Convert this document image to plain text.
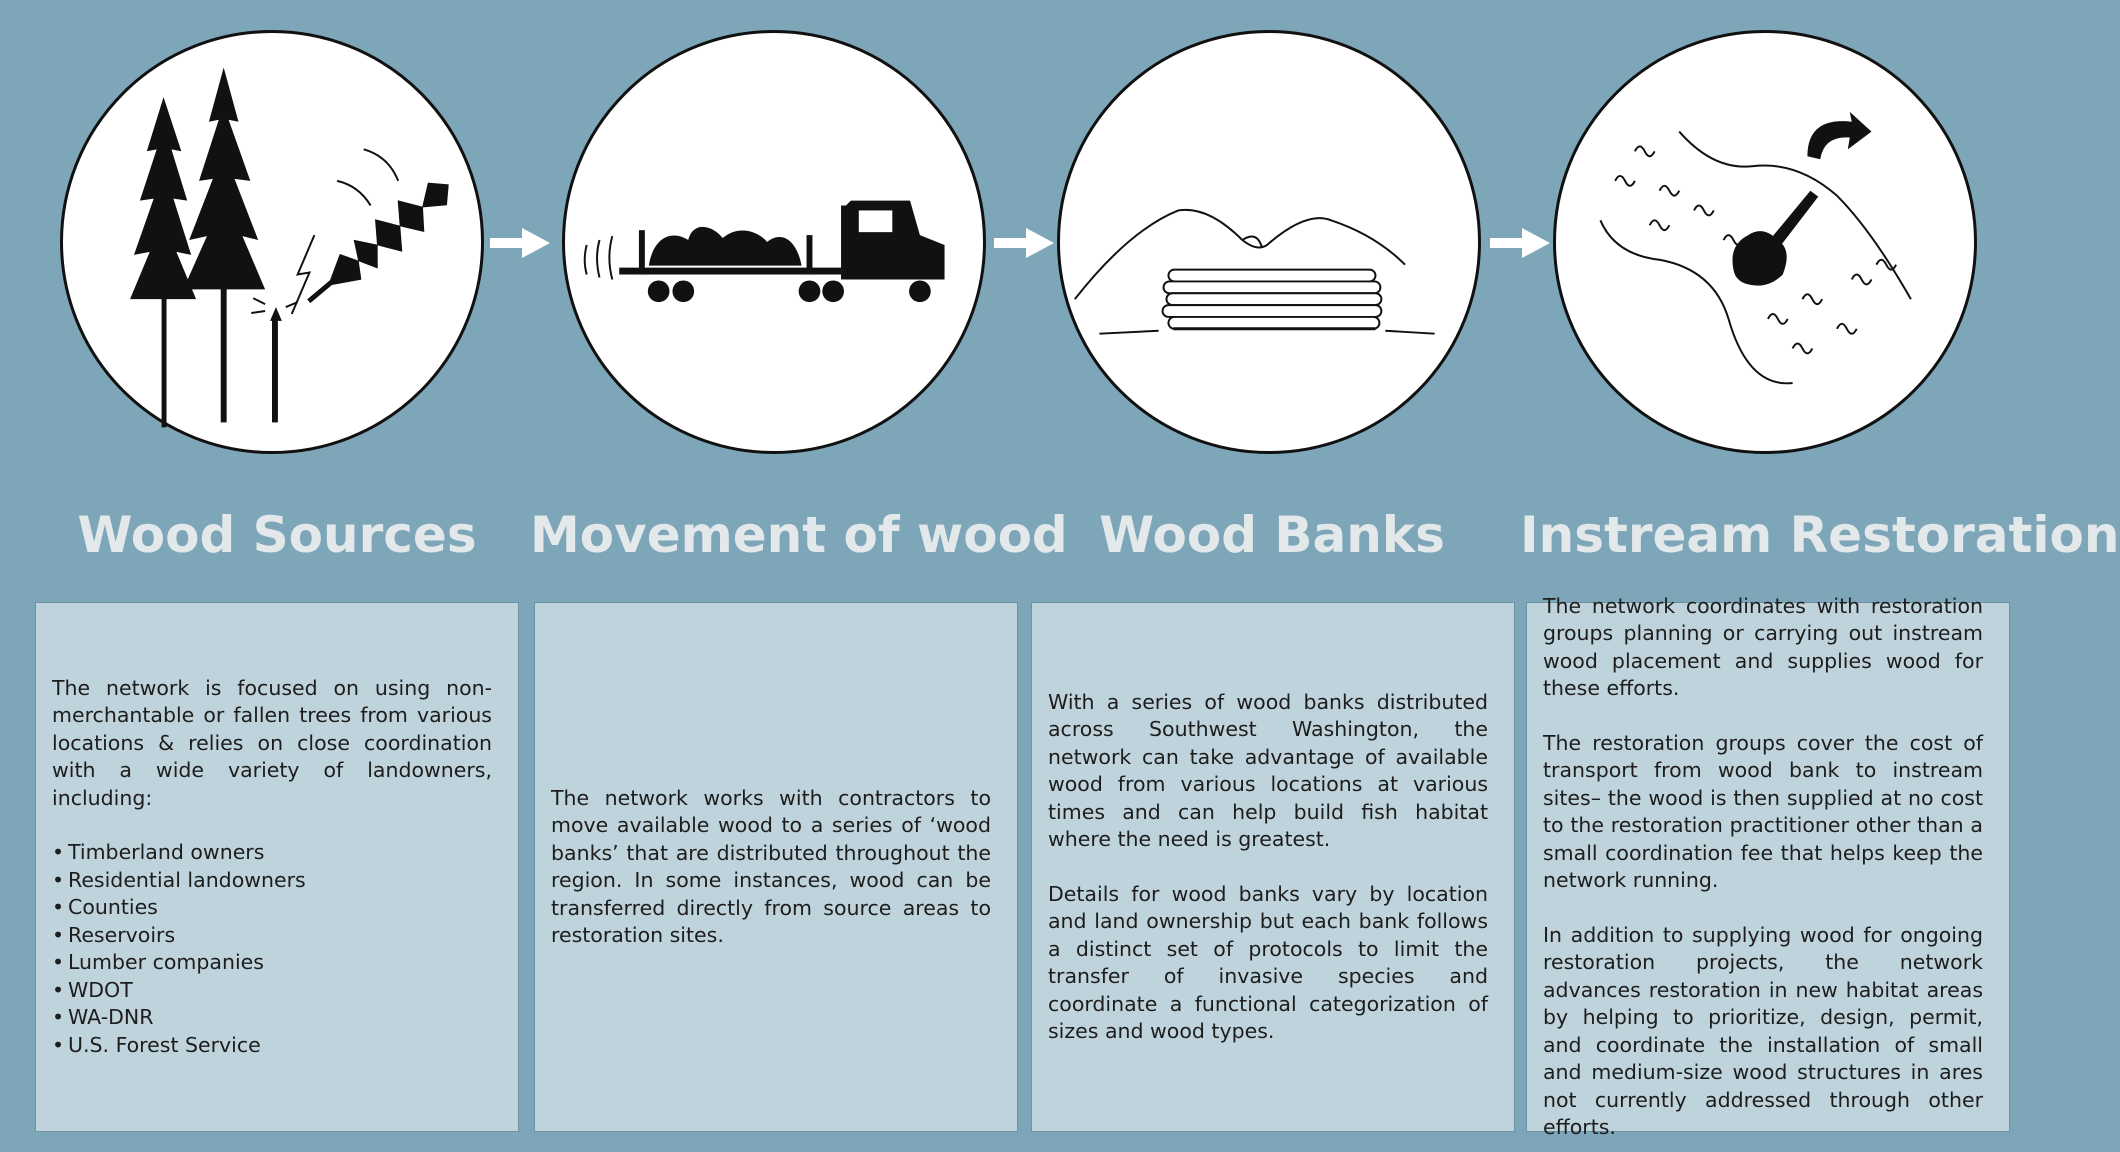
Wood Sources	Movement of wood Wood Banks	Instream Restoration

The network is focused on using non-merchantable or fallen trees from various locations & relies on close coordination with a wide variety of landowners, including:

• Timberland owners
• Residential landowners
• Counties
• Reservoirs
• Lumber companies
• WDOT
• WA-DNR
• U.S. Forest Service

The network works with contractors to move available wood to a series of ‘wood banks’ that are distributed throughout the region. In some instances, wood can be transferred directly from source areas to restoration sites.

With a series of wood banks distributed across Southwest Washington, the network can take advantage of available wood from various locations at various times and can help build fish habitat where the need is greatest.

Details for wood banks vary by location and land ownership but each bank follows a distinct set of protocols to limit the transfer of invasive species and coordinate a functional categorization of sizes and wood types.

The network coordinates with restoration groups planning or carrying out instream wood placement and supplies wood for these efforts.

The restoration groups cover the cost of transport from wood bank to instream sites– the wood is then supplied at no cost to the restoration practitioner other than a small coordination fee that helps keep the network running.

In addition to supplying wood for ongoing restoration projects, the network advances restoration in new habitat areas by helping to prioritize, design, permit, and coordinate the installation of small and medium-size wood structures in ares not currently addressed through other efforts.
